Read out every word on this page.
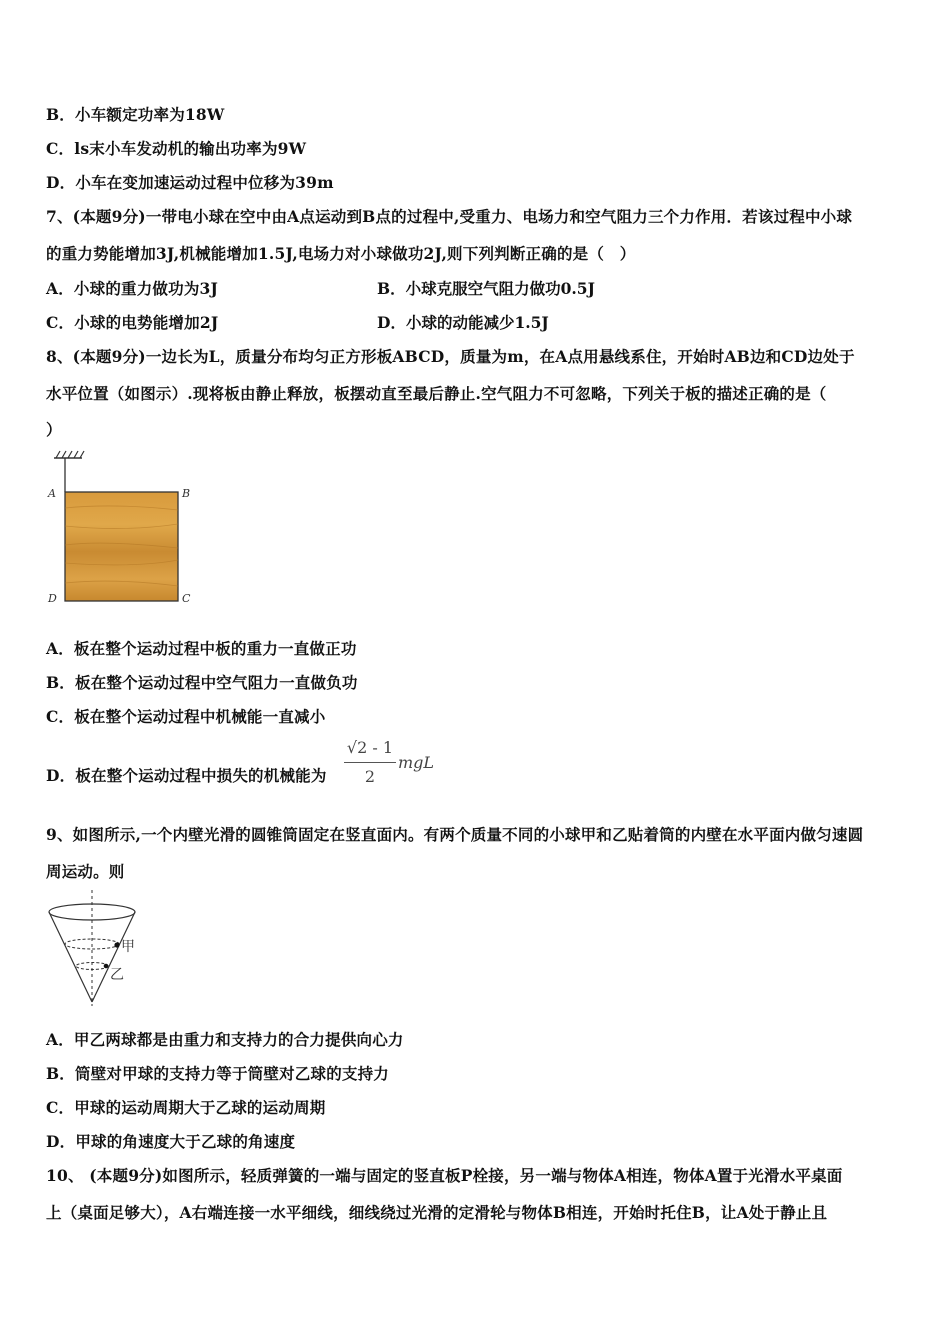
B．小车额定功率为18W
C．ls末小车发动机的输出功率为9W
D．小车在变加速运动过程中位移为39m
7、(本题9分)一带电小球在空中由A点运动到B点的过程中,受重力、电场力和空气阻力三个力作用．若该过程中小球
的重力势能增加3J,机械能增加1.5J,电场力对小球做功2J,则下列判断正确的是（　）
A．小球的重力做功为3J	B．小球克服空气阻力做功0.5J
C．小球的电势能增加2J	D．小球的动能减少1.5J
8、(本题9分)一边长为L，质量分布均匀正方形板ABCD，质量为m，在A点用悬线系住，开始时AB边和CD边处于
水平位置（如图示）.现将板由静止释放，板摆动直至最后静止.空气阻力不可忽略，下列关于板的描述正确的是（
）
A	B
D	C
A．板在整个运动过程中板的重力一直做正功
B．板在整个运动过程中空气阻力一直做负功
C．板在整个运动过程中机械能一直减小
D．板在整个运动过程中损失的机械能为
√2 - 1
2
mgL
9、如图所示,一个内壁光滑的圆锥筒固定在竖直面内。有两个质量不同的小球甲和乙贴着筒的内壁在水平面内做匀速圆
周运动。则
甲
乙
A．甲乙两球都是由重力和支持力的合力提供向心力
B．筒壁对甲球的支持力等于筒壁对乙球的支持力
C．甲球的运动周期大于乙球的运动周期
D．甲球的角速度大于乙球的角速度
10、 (本题9分)如图所示，轻质弹簧的一端与固定的竖直板P栓接，另一端与物体A相连，物体A置于光滑水平桌面
上（桌面足够大），A右端连接一水平细线，细线绕过光滑的定滑轮与物体B相连，开始时托住B，让A处于静止且
